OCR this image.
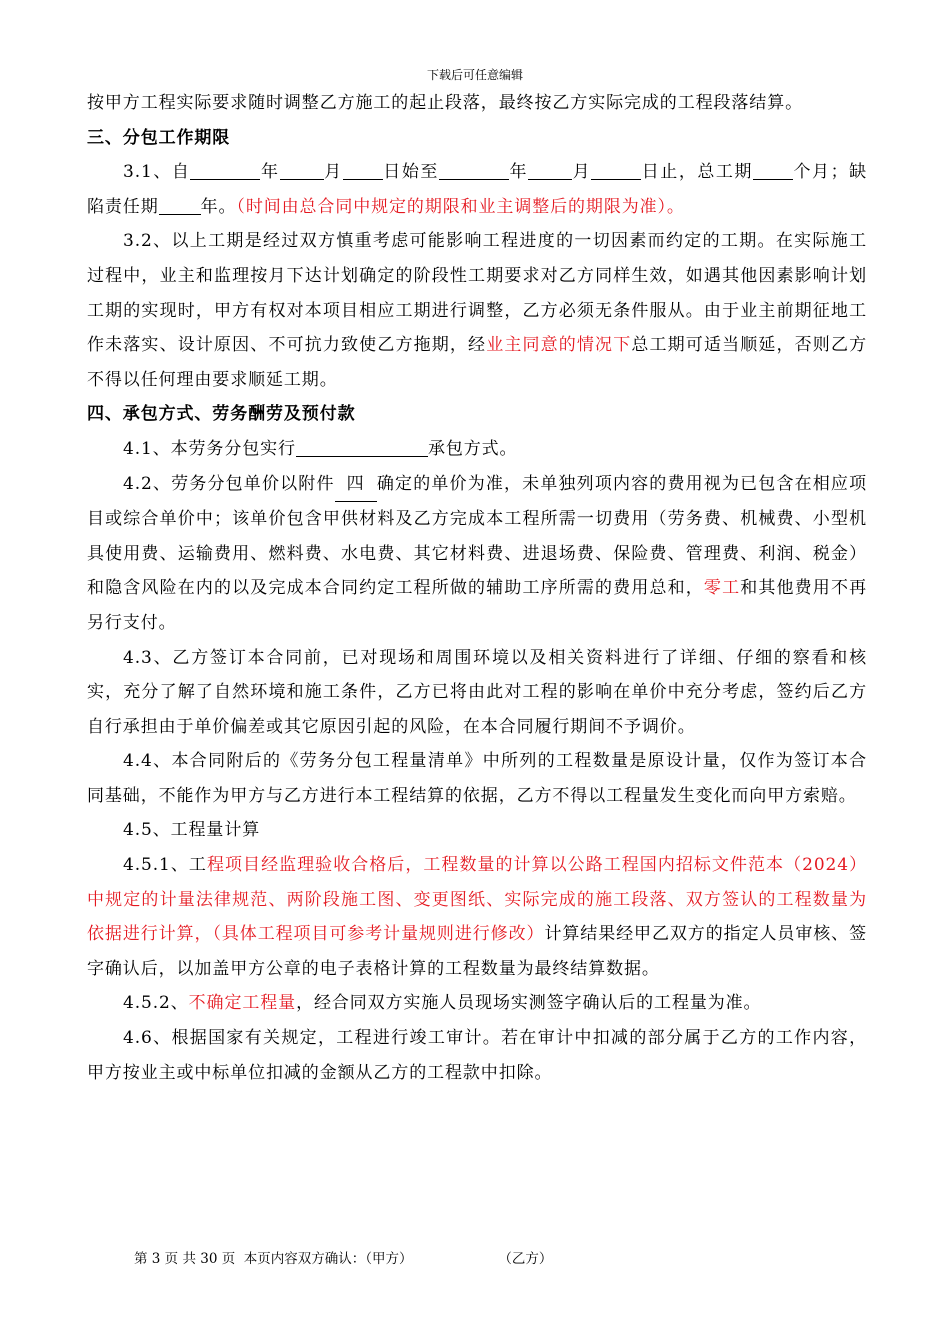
下载后可任意编辑

按甲方工程实际要求随时调整乙方施工的起止段落，最终按乙方实际完成的工程段落结算。

三、分包工作期限

3.1、自	年	月 日始至	年	月	日止，总工期 个月；缺陷责任期 年。（时间由总合同中规定的期限和业主调整后的期限为准）。

3.2、以上工期是经过双方慎重考虑可能影响工程进度的一切因素而约定的工期。在实际施工过程中，业主和监理按月下达计划确定的阶段性工期要求对乙方同样生效，如遇其他因素影响计划工期的实现时，甲方有权对本项目相应工期进行调整，乙方必须无条件服从。由于业主前期征地工作未落实、设计原因、不可抗力致使乙方拖期，经业主同意的情况下总工期可适当顺延，否则乙方不得以任何理由要求顺延工期。

四、承包方式、劳务酬劳及预付款

4.1、本劳务分包实行	承包方式。

4.2、劳务分包单价以附件 四 确定的单价为准，未单独列项内容的费用视为已包含在相应项目或综合单价中；该单价包含甲供材料及乙方完成本工程所需一切费用（劳务费、机械费、小型机具使用费、运输费用、燃料费、水电费、其它材料费、进退场费、保险费、管理费、利润、税金）和隐含风险在内的以及完成本合同约定工程所做的辅助工序所需的费用总和，零工和其他费用不再另行支付。

4.3、乙方签订本合同前，已对现场和周围环境以及相关资料进行了详细、仔细的察看和核实，充分了解了自然环境和施工条件，乙方已将由此对工程的影响在单价中充分考虑，签约后乙方自行承担由于单价偏差或其它原因引起的风险，在本合同履行期间不予调价。

4.4、本合同附后的《劳务分包工程量清单》中所列的工程数量是原设计量，仅作为签订本合同基础，不能作为甲方与乙方进行本工程结算的依据，乙方不得以工程量发生变化而向甲方索赔。

4.5、工程量计算

4.5.1、工程项目经监理验收合格后，工程数量的计算以公路工程国内招标文件范本（2024）中规定的计量法律规范、两阶段施工图、变更图纸、实际完成的施工段落、双方签认的工程数量为依据进行计算，（具体工程项目可参考计量规则进行修改）计算结果经甲乙双方的指定人员审核、签字确认后，以加盖甲方公章的电子表格计算的工程数量为最终结算数据。

4.5.2、不确定工程量，经合同双方实施人员现场实测签字确认后的工程量为准。

4.6、根据国家有关规定，工程进行竣工审计。若在审计中扣减的部分属于乙方的工作内容，甲方按业主或中标单位扣减的金额从乙方的工程款中扣除。

第 3 页 共 30 页  本页内容双方确认：（甲方）	（乙方）
